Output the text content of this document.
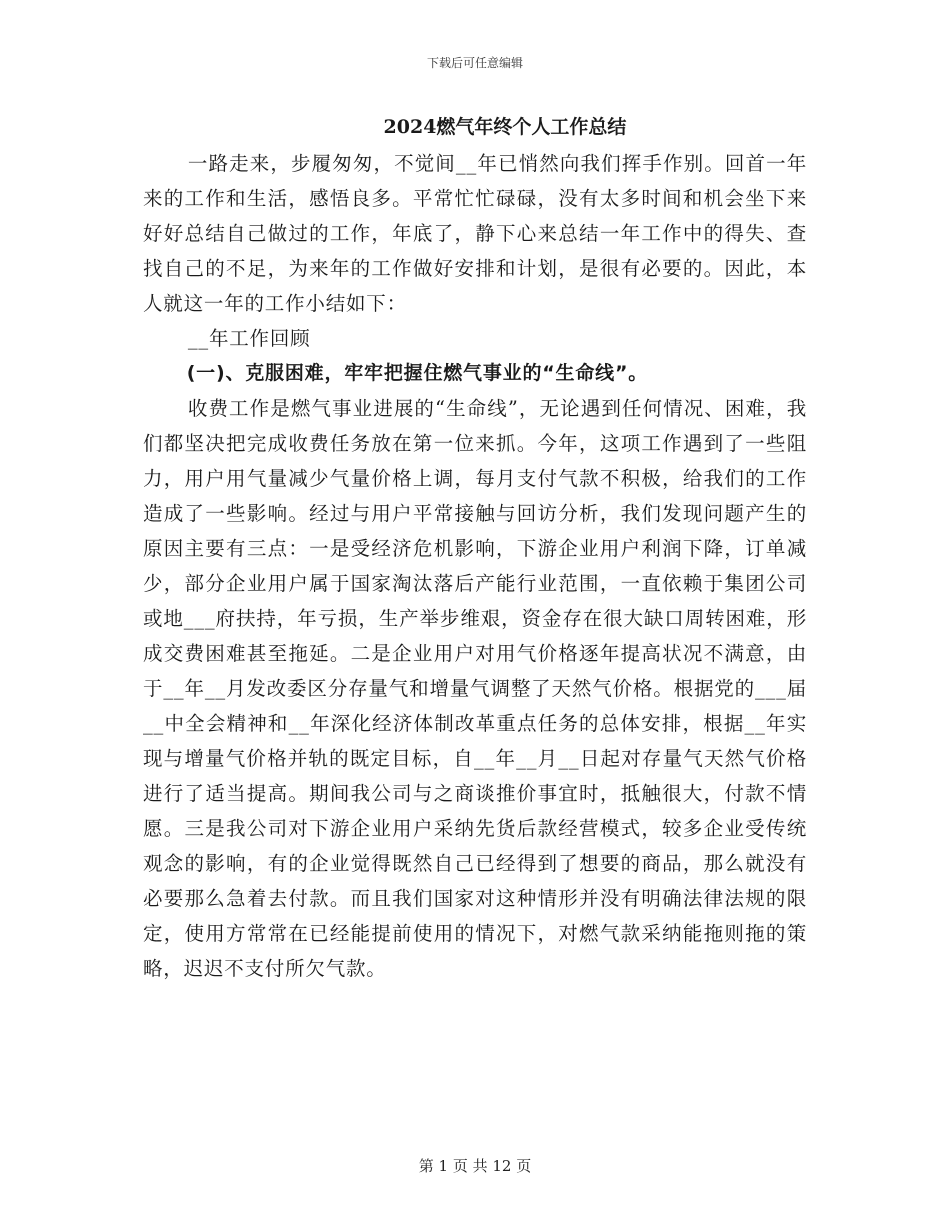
下载后可任意编辑
2024燃气年终个人工作总结

一路走来，步履匆匆，不觉间__年已悄然向我们挥手作别。回首一年来的工作和生活，感悟良多。平常忙忙碌碌，没有太多时间和机会坐下来好好总结自己做过的工作，年底了，静下心来总结一年工作中的得失、查找自己的不足，为来年的工作做好安排和计划，是很有必要的。因此，本人就这一年的工作小结如下：

__年工作回顾

(一)、克服困难，牢牢把握住燃气事业的“生命线”。

收费工作是燃气事业进展的“生命线”，无论遇到任何情况、困难，我们都坚决把完成收费任务放在第一位来抓。今年，这项工作遇到了一些阻力，用户用气量减少气量价格上调，每月支付气款不积极，给我们的工作造成了一些影响。经过与用户平常接触与回访分析，我们发现问题产生的原因主要有三点：一是受经济危机影响，下游企业用户利润下降，订单减少，部分企业用户属于国家淘汰落后产能行业范围，一直依赖于集团公司或地___府扶持，年亏损，生产举步维艰，资金存在很大缺口周转困难，形成交费困难甚至拖延。二是企业用户对用气价格逐年提高状况不满意，由于__年__月发改委区分存量气和增量气调整了天然气价格。根据党的___届__中全会精神和__年深化经济体制改革重点任务的总体安排，根据__年实现与增量气价格并轨的既定目标，自__年__月__日起对存量气天然气价格进行了适当提高。期间我公司与之商谈推价事宜时，抵触很大，付款不情愿。三是我公司对下游企业用户采纳先货后款经营模式，较多企业受传统观念的影响，有的企业觉得既然自己已经得到了想要的商品，那么就没有必要那么急着去付款。而且我们国家对这种情形并没有明确法律法规的限定，使用方常常在已经能提前使用的情况下，对燃气款采纳能拖则拖的策略，迟迟不支付所欠气款。

第 1 页 共 12 页
